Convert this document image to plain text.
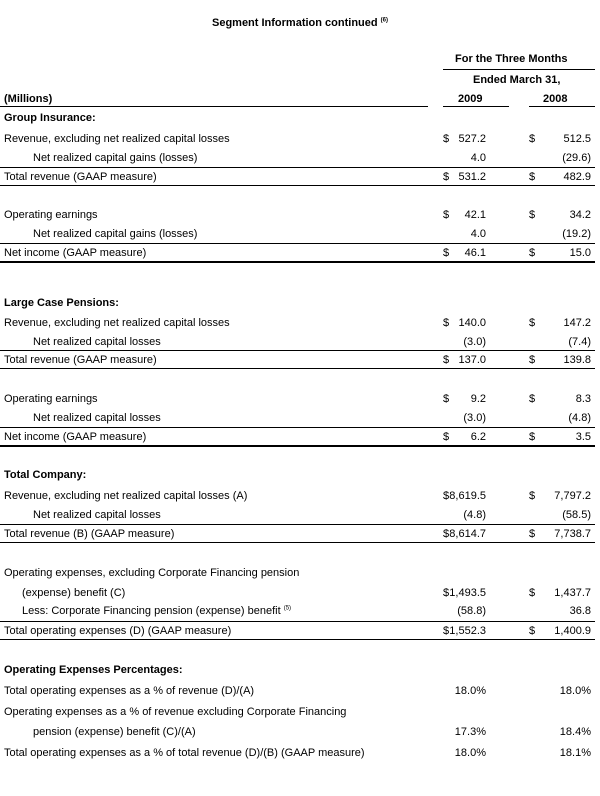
Segment Information continued $^{(6)}$
For the Three Months
Ended March 31,
(Millions)	2009	2008
Group Insurance:
Revenue, excluding net realized capital losses	$ 527.2	$	512.5
Net realized capital gains (losses)	4.0	(29.6)
Total revenue (GAAP measure)	$ 531.2	$	482.9
Operating earnings	$ 42.1	$	34.2
Net realized capital gains (losses)	4.0	(19.2)
Net income (GAAP measure)	$ 46.1	$	15.0
Large Case Pensions:
Revenue, excluding net realized capital losses	$ 140.0	$	147.2
Net realized capital losses	(3.0)	(7.4)
Total revenue (GAAP measure)	$ 137.0	$	139.8
Operating earnings	$ 9.2	$	8.3
Net realized capital losses	(3.0)	(4.8)
Net income (GAAP measure)	$ 6.2	$	3.5
Total Company:
Revenue, excluding net realized capital losses (A)	$ 8,619.5	$ 7,797.2
Net realized capital losses	(4.8)	(58.5)
Total revenue (B) (GAAP measure)	$ 8,614.7	$ 7,738.7
Operating expenses, excluding Corporate Financing pension
(expense) benefit (C)	$ 1,493.5	$ 1,437.7
Less: Corporate Financing pension (expense) benefit $^{(5)}$	(58.8)	36.8
Total operating expenses (D) (GAAP measure)	$ 1,552.3	$ 1,400.9
Operating Expenses Percentages:
Total operating expenses as a % of revenue (D)/(A)	18.0%	18.0%
Operating expenses as a % of revenue excluding Corporate Financing
pension (expense) benefit (C)/(A)	17.3%	18.4%
Total operating expenses as a % of total revenue (D)/(B) (GAAP measure)	18.0%	18.1%
